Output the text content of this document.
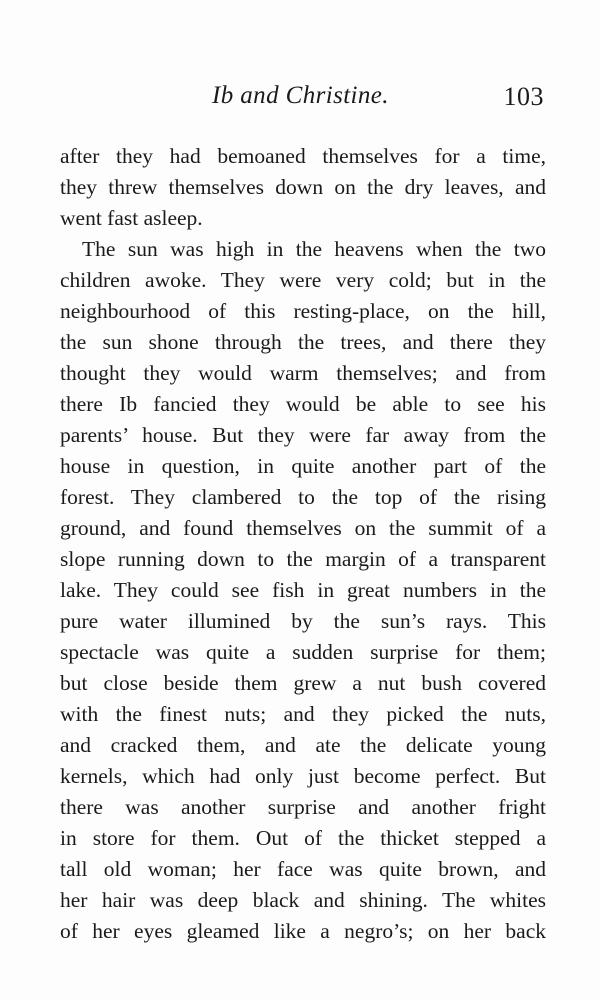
Ib and Christine.	103
after they had bemoaned themselves for a time,
they threw themselves down on the dry leaves, and
went fast asleep.
The sun was high in the heavens when the two
children awoke. They were very cold; but in the
neighbourhood of this resting-place, on the hill,
the sun shone through the trees, and there they
thought they would warm themselves; and from
there Ib fancied they would be able to see his
parents’ house. But they were far away from the
house in question, in quite another part of the
forest. They clambered to the top of the rising
ground, and found themselves on the summit of a
slope running down to the margin of a transparent
lake. They could see fish in great numbers in the
pure water illumined by the sun’s rays. This
spectacle was quite a sudden surprise for them;
but close beside them grew a nut bush covered
with the finest nuts; and they picked the nuts,
and cracked them, and ate the delicate young
kernels, which had only just become perfect. But
there was another surprise and another fright
in store for them. Out of the thicket stepped a
tall old woman; her face was quite brown, and
her hair was deep black and shining. The whites
of her eyes gleamed like a negro’s; on her back
